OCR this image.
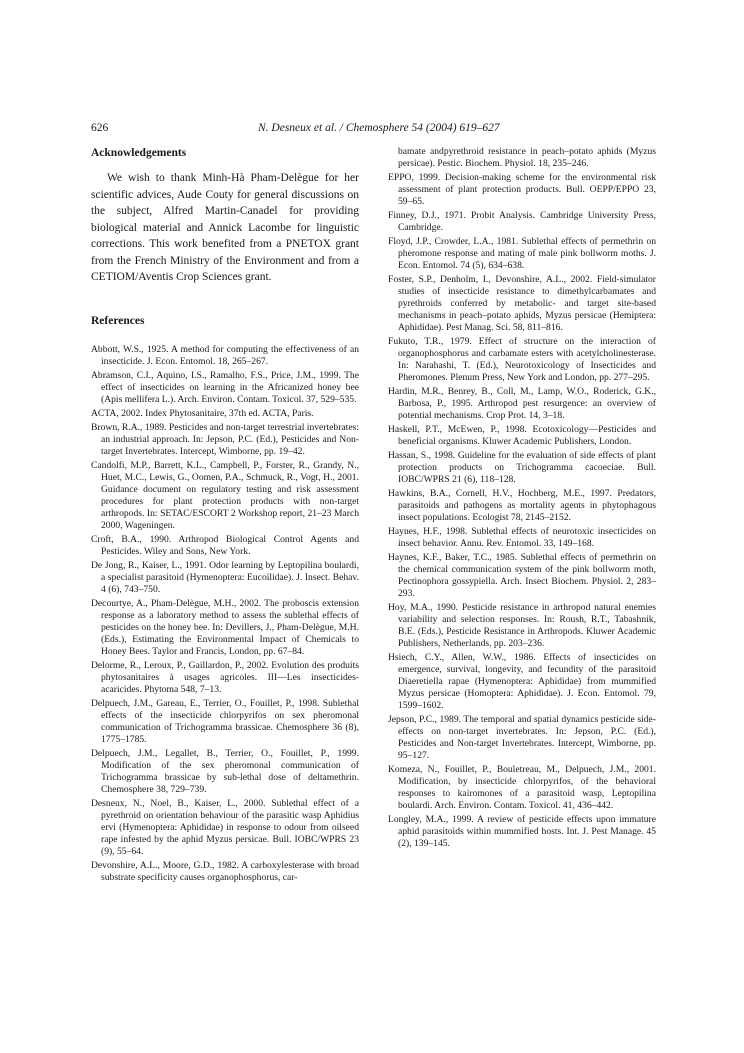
626	N. Desneux et al. / Chemosphere 54 (2004) 619–627
Acknowledgements

We wish to thank Minh-Hà Pham-Delègue for her scientific advices, Aude Couty for general discussions on the subject, Alfred Martin-Canadel for providing biological material and Annick Lacombe for linguistic corrections. This work benefited from a PNETOX grant from the French Ministry of the Environment and from a CETIOM/Aventis Crop Sciences grant.

References
Abbott, W.S., 1925. A method for computing the effectiveness of an insecticide. J. Econ. Entomol. 18, 265–267.
Abramson, C.I., Aquino, I.S., Ramalho, F.S., Price, J.M., 1999. The effect of insecticides on learning in the Africanized honey bee (Apis mellifera L.). Arch. Environ. Contam. Toxicol. 37, 529–535.
ACTA, 2002. Index Phytosanitaire, 37th ed. ACTA, Paris.
Brown, R.A., 1989. Pesticides and non-target terrestrial invertebrates: an industrial approach. In: Jepson, P.C. (Ed.), Pesticides and Non-target Invertebrates. Intercept, Wimborne, pp. 19–42.
Candolfi, M.P., Barrett, K.L., Campbell, P., Forster, R., Grandy, N., Huet, M.C., Lewis, G., Oomen, P.A., Schmuck, R., Vogt, H., 2001. Guidance document on regulatory testing and risk assessment procedures for plant protection products with non-target arthropods. In: SETAC/ESCORT 2 Workshop report, 21–23 March 2000, Wageningen.
Croft, B.A., 1990. Arthropod Biological Control Agents and Pesticides. Wiley and Sons, New York.
De Jong, R., Kaiser, L., 1991. Odor learning by Leptopilina boulardi, a specialist parasitoid (Hymenoptera: Eucoilidae). J. Insect. Behav. 4 (6), 743–750.
Decourtye, A., Pham-Delègue, M.H., 2002. The proboscis extension response as a laboratory method to assess the sublethal effects of pesticides on the honey bee. In: Devillers, J., Pham-Delègue, M.H. (Eds.), Estimating the Environmental Impact of Chemicals to Honey Bees. Taylor and Francis, London, pp. 67–84.
Delorme, R., Leroux, P., Gaillardon, P., 2002. Evolution des produits phytosanitaires à usages agricoles. III—Les insecticides-acaricides. Phytoma 548, 7–13.
Delpuech, J.M., Gareau, E., Terrier, O., Fouillet, P., 1998. Sublethal effects of the insecticide chlorpyrifos on sex pheromonal communication of Trichogramma brassicae. Chemosphere 36 (8), 1775–1785.
Delpuech, J.M., Legallet, B., Terrier, O., Fouillet, P., 1999. Modification of the sex pheromonal communication of Trichogramma brassicae by sub-lethal dose of deltamethrin. Chemosphere 38, 729–739.
Desneux, N., Noel, B., Kaiser, L., 2000. Sublethal effect of a pyrethroid on orientation behaviour of the parasitic wasp Aphidius ervi (Hymenoptera: Aphididae) in response to odour from oilseed rape infested by the aphid Myzus persicae. Bull. IOBC/WPRS 23 (9), 55–64.
Devonshire, A.L., Moore, G.D., 1982. A carboxylesterase with broad substrate specificity causes organophosphorus, car-
bamate andpyrethroid resistance in peach–potato aphids (Myzus persicae). Pestic. Biochem. Physiol. 18, 235–246.
EPPO, 1999. Decision-making scheme for the environmental risk assessment of plant protection products. Bull. OEPP/EPPO 23, 59–65.
Finney, D.J., 1971. Probit Analysis. Cambridge University Press, Cambridge.
Floyd, J.P., Crowder, L.A., 1981. Sublethal effects of permethrin on pheromone response and mating of male pink bollworm moths. J. Econ. Entomol. 74 (5), 634–638.
Foster, S.P., Denholm, I., Devonshire, A.L., 2002. Field-simulator studies of insecticide resistance to dimethylcarbamates and pyrethroids conferred by metabolic- and target site-based mechanisms in peach–potato aphids, Myzus persicae (Hemiptera: Aphididae). Pest Manag. Sci. 58, 811–816.
Fukuto, T.R., 1979. Effect of structure on the interaction of organophosphorus and carbamate esters with acetylcholinesterase. In: Narahashi, T. (Ed.), Neurotoxicology of Insecticides and Pheromones. Plenum Press, New York and London, pp. 277–295.
Hardin, M.R., Benrey, B., Coll, M., Lamp, W.O., Roderick, G.K., Barbosa, P., 1995. Arthropod pest resurgence: an overview of potential mechanisms. Crop Prot. 14, 3–18.
Haskell, P.T., McEwen, P., 1998. Ecotoxicology—Pesticides and beneficial organisms. Kluwer Academic Publishers, London.
Hassan, S., 1998. Guideline for the evaluation of side effects of plant protection products on Trichogramma cacoeciae. Bull. IOBC/WPRS 21 (6), 118–128.
Hawkins, B.A., Cornell, H.V., Hochberg, M.E., 1997. Predators, parasitoids and pathogens as mortality agents in phytophagous insect populations. Ecologist 78, 2145–2152.
Haynes, H.F., 1998. Sublethal effects of neurotoxic insecticides on insect behavior. Annu. Rev. Entomol. 33, 149–168.
Haynes, K.F., Baker, T.C., 1985. Sublethal effects of permethrin on the chemical communication system of the pink bollworm moth, Pectinophora gossypiella. Arch. Insect Biochem. Physiol. 2, 283–293.
Hoy, M.A., 1990. Pesticide resistance in arthropod natural enemies variability and selection responses. In: Roush, R.T., Tabashnik, B.E. (Eds.), Pesticide Resistance in Arthropods. Kluwer Academic Publishers, Netherlands, pp. 203–236.
Hsiech, C.Y., Allen, W.W., 1986. Effects of insecticides on emergence, survival, longevity, and fecundity of the parasitoid Diaeretiella rapae (Hymenoptera: Aphididae) from mummified Myzus persicae (Homoptera: Aphididae). J. Econ. Entomol. 79, 1599–1602.
Jepson, P.C., 1989. The temporal and spatial dynamics pesticide side-effects on non-target invertebrates. In: Jepson, P.C. (Ed.), Pesticides and Non-target Invertebrates. Intercept, Wimborne, pp. 95–127.
Komeza, N., Fouillet, P., Bouletreau, M., Delpuech, J.M., 2001. Modification, by insecticide chlorpyrifos, of the behavioral responses to kairomones of a parasitoid wasp, Leptopilina boulardi. Arch. Environ. Contam. Toxicol. 41, 436–442.
Longley, M.A., 1999. A review of pesticide effects upon immature aphid parasitoids within mummified hosts. Int. J. Pest Manage. 45 (2), 139–145.
